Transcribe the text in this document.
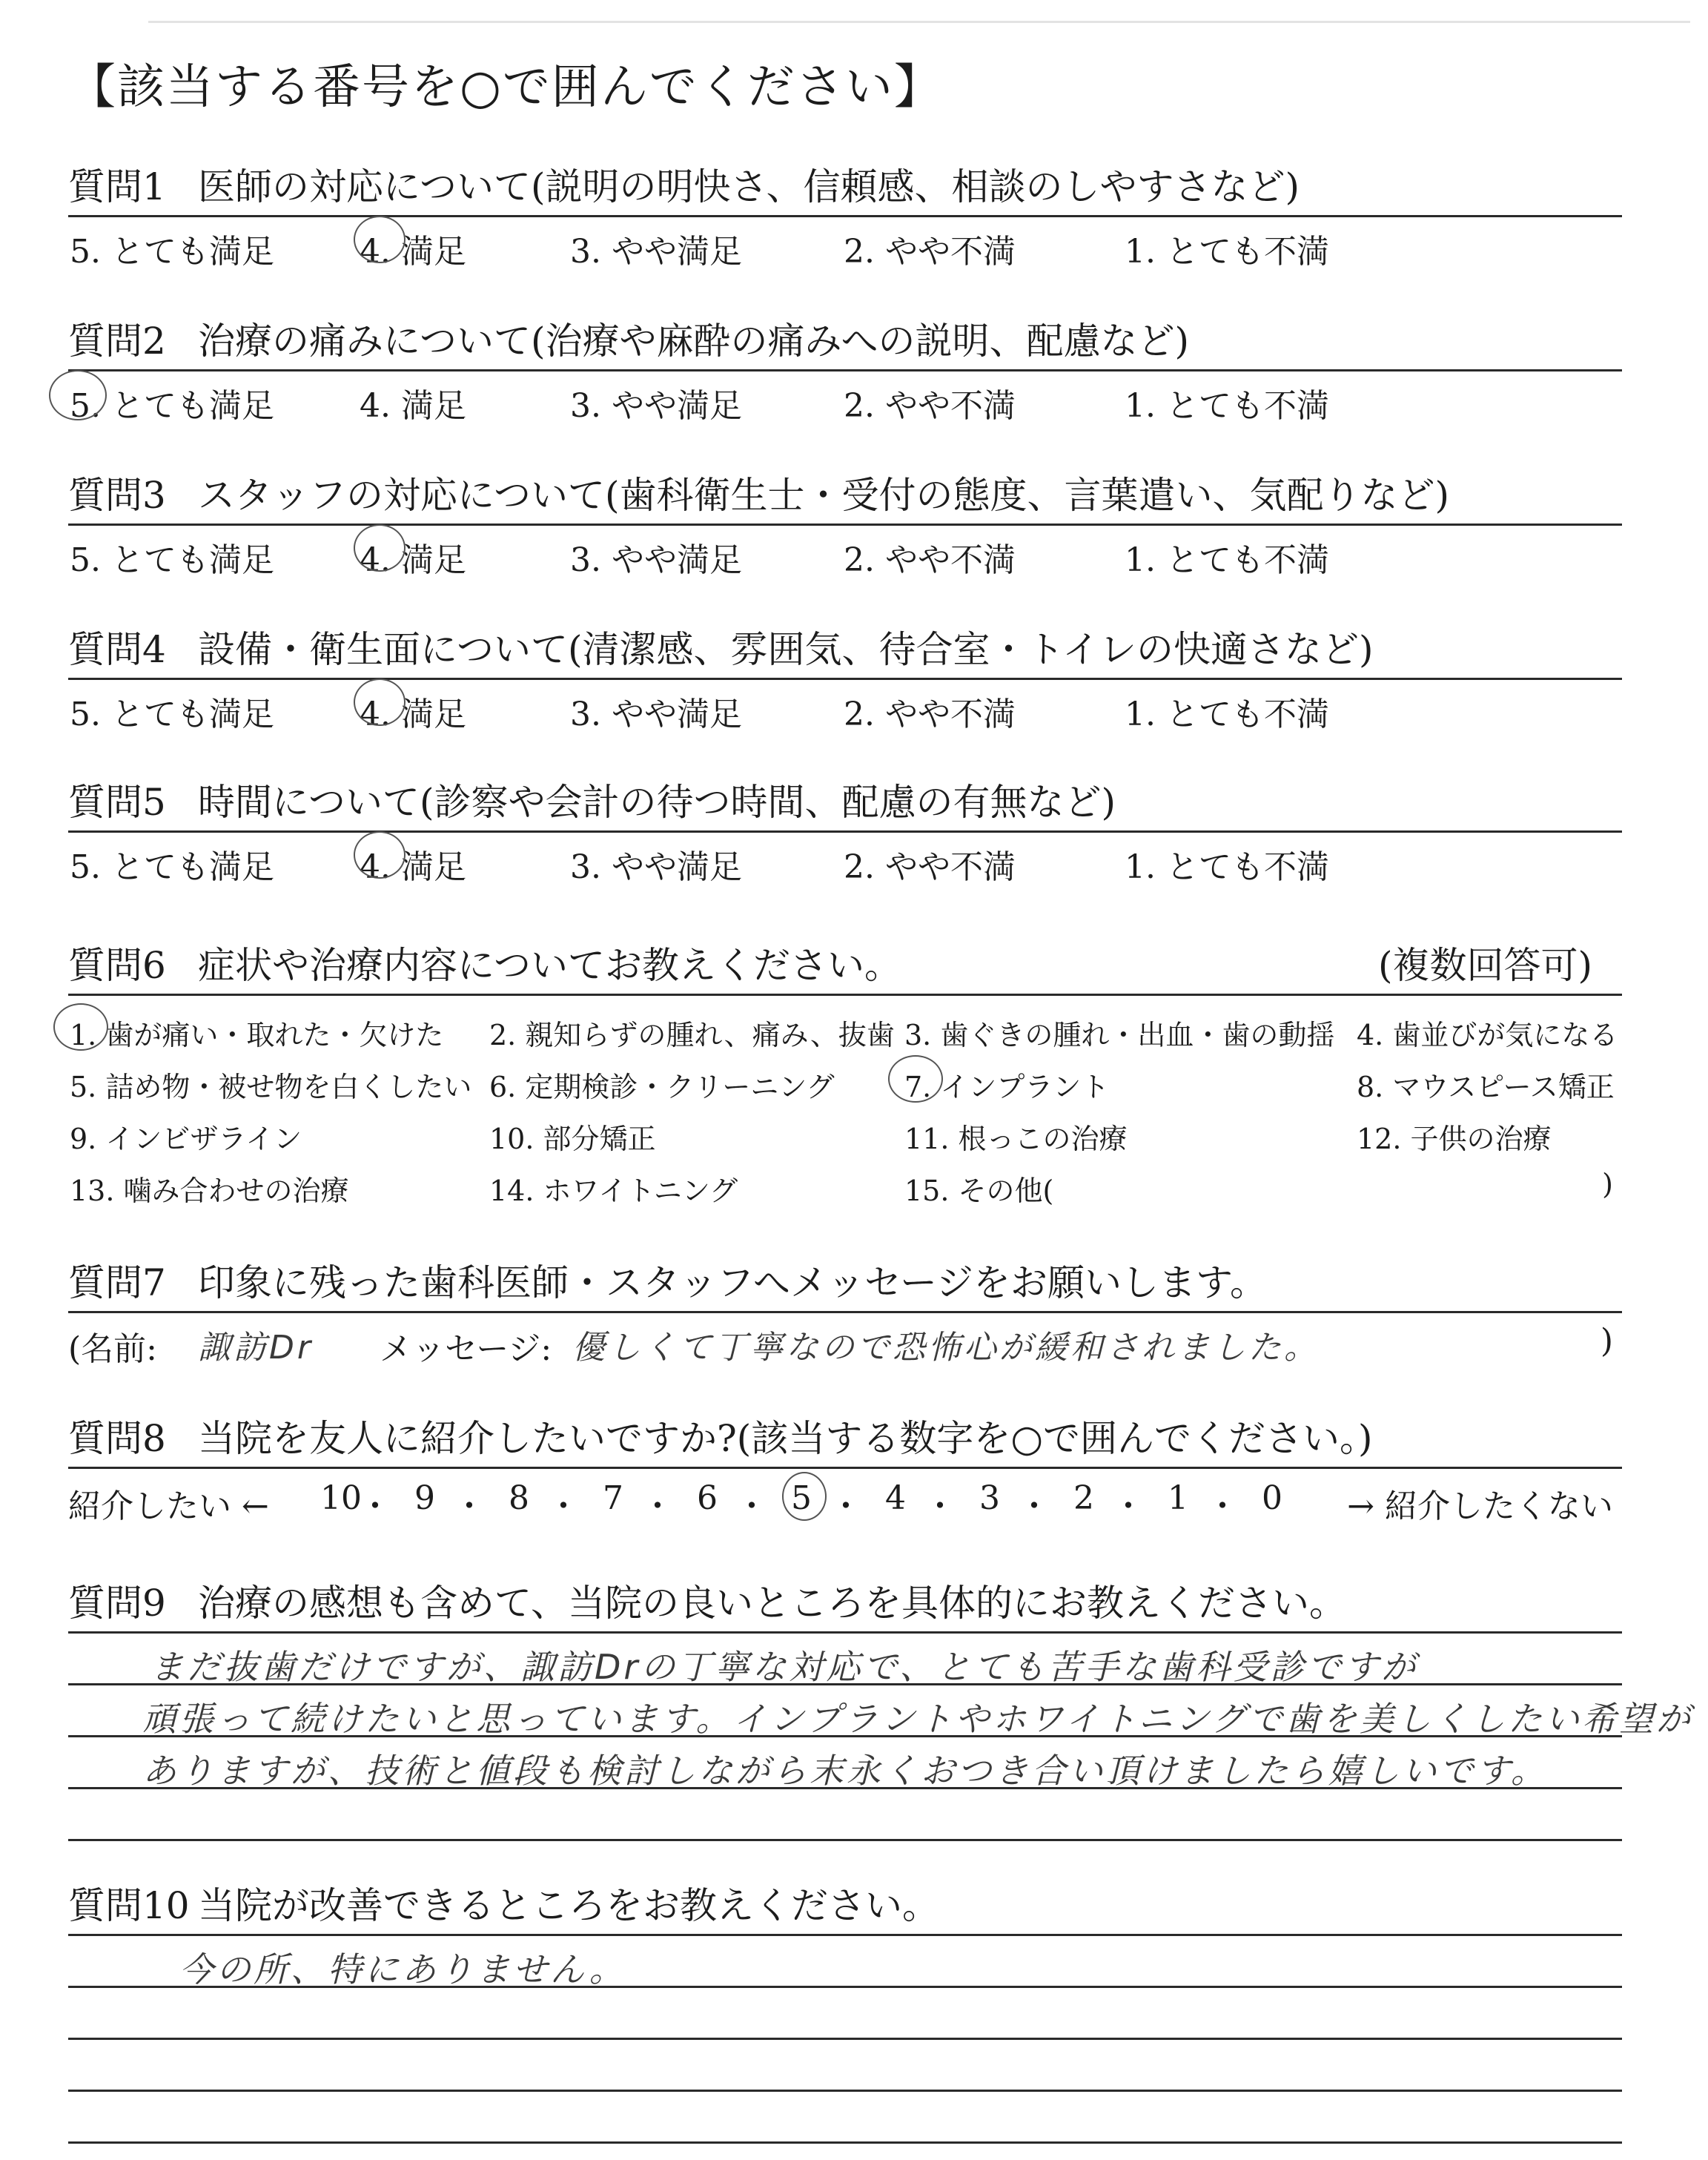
【該当する番号を○で囲んでください】
質問1 医師の対応について(説明の明快さ、信頼感、相談のしやすさなど)
5. とても満足	4. 満足	3. やや満足	2. やや不満	1. とても不満
質問2 治療の痛みについて(治療や麻酔の痛みへの説明、配慮など)
5. とても満足	4. 満足	3. やや満足	2. やや不満	1. とても不満
質問3 スタッフの対応について(歯科衛生士・受付の態度、言葉遣い、気配りなど)
5. とても満足	4. 満足	3. やや満足	2. やや不満	1. とても不満
質問4 設備・衛生面について(清潔感、雰囲気、待合室・トイレの快適さなど)
5. とても満足	4. 満足	3. やや満足	2. やや不満	1. とても不満
質問5 時間について(診察や会計の待つ時間、配慮の有無など)
5. とても満足	4. 満足	3. やや満足	2. やや不満	1. とても不満
質問6 症状や治療内容についてお教えください。	(複数回答可)
1. 歯が痛い・取れた・欠けた 2. 親知らずの腫れ、痛み、抜歯 3. 歯ぐきの腫れ・出血・歯の動揺 4. 歯並びが気になる
5. 詰め物・被せ物を白くしたい 6. 定期検診・クリーニング 7. インプラント	8. マウスピース矯正
9. インビザライン	10. 部分矯正	11. 根っこの治療	12. 子供の治療
13. 噛み合わせの治療	14. ホワイトニング	15. その他(	)
質問7 印象に残った歯科医師・スタッフへメッセージをお願いします。
(名前: 諏訪Dr メッセージ: 優しくて丁寧なので恐怖心が緩和されました。	)
質問8 当院を友人に紹介したいですか?(該当する数字を○で囲んでください。)
紹介したい ←	→ 紹介したくない
10
・ 9 ・ 8 ・ 7 ・ 6 ・ 5 ・ 4 ・ 3 ・ 2 ・ 1 ・ 0
質問9 治療の感想も含めて、当院の良いところを具体的にお教えください。
まだ抜歯だけですが、諏訪Drの丁寧な対応で、とても苦手な歯科受診ですが
頑張って続けたいと思っています。インプラントやホワイトニングで歯を美しくしたい希望が
ありますが、技術と値段も検討しながら末永くおつき合い頂けましたら嬉しいです。
質問10 当院が改善できるところをお教えください。
今の所、特にありません。
